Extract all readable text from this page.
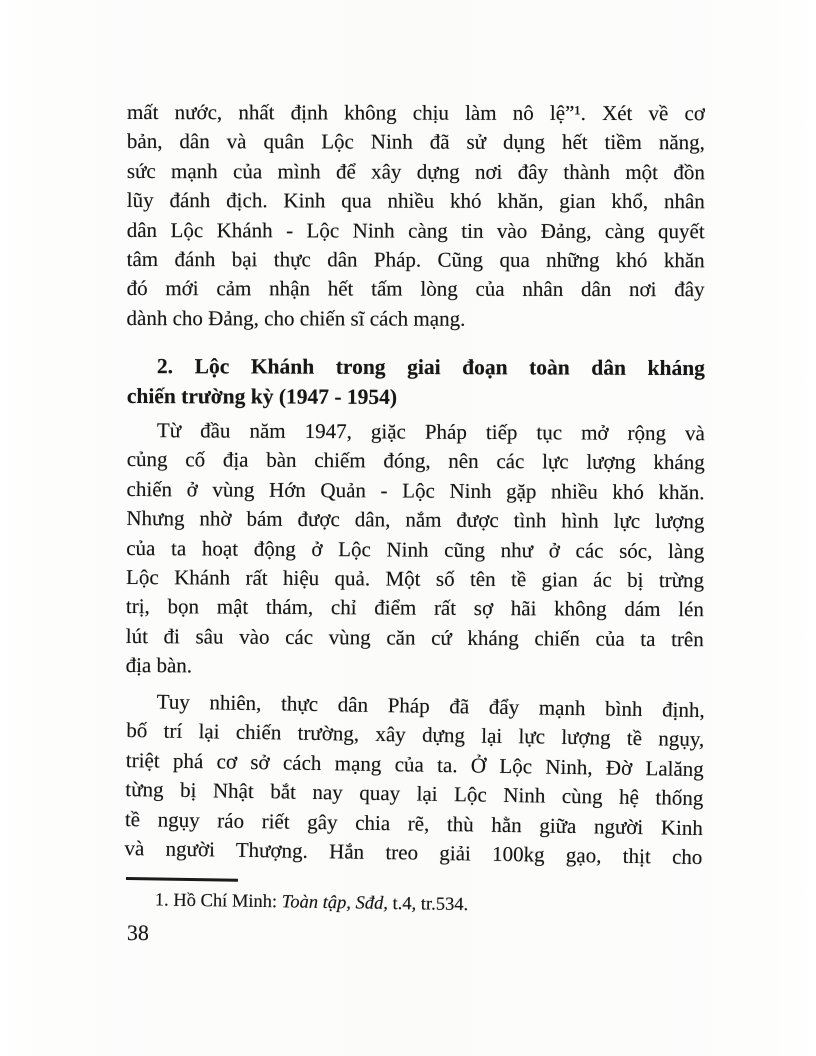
mất nước, nhất định không chịu làm nô lệ”¹. Xét về cơ
bản, dân và quân Lộc Ninh đã sử dụng hết tiềm năng,
sức mạnh của mình để xây dựng nơi đây thành một đồn
lũy đánh địch. Kinh qua nhiều khó khăn, gian khổ, nhân
dân Lộc Khánh - Lộc Ninh càng tin vào Đảng, càng quyết
tâm đánh bại thực dân Pháp. Cũng qua những khó khăn
đó mới cảm nhận hết tấm lòng của nhân dân nơi đây
dành cho Đảng, cho chiến sĩ cách mạng.
2. Lộc Khánh trong giai đoạn toàn dân kháng
chiến trường kỳ (1947 - 1954)
Từ đầu năm 1947, giặc Pháp tiếp tục mở rộng và
củng cố địa bàn chiếm đóng, nên các lực lượng kháng
chiến ở vùng Hớn Quản - Lộc Ninh gặp nhiều khó khăn.
Nhưng nhờ bám được dân, nắm được tình hình lực lượng
của ta hoạt động ở Lộc Ninh cũng như ở các sóc, làng
Lộc Khánh rất hiệu quả. Một số tên tề gian ác bị trừng
trị, bọn mật thám, chỉ điểm rất sợ hãi không dám lén
lút đi sâu vào các vùng căn cứ kháng chiến của ta trên
địa bàn.
Tuy nhiên, thực dân Pháp đã đẩy mạnh bình định,
bố trí lại chiến trường, xây dựng lại lực lượng tề ngụy,
triệt phá cơ sở cách mạng của ta. Ở Lộc Ninh, Đờ Lalăng
từng bị Nhật bắt nay quay lại Lộc Ninh cùng hệ thống
tề ngụy ráo riết gây chia rẽ, thù hằn giữa người Kinh
và người Thượng. Hắn treo giải 100kg gạo, thịt cho
1. Hồ Chí Minh: Toàn tập, Sđd, t.4, tr.534.
38
